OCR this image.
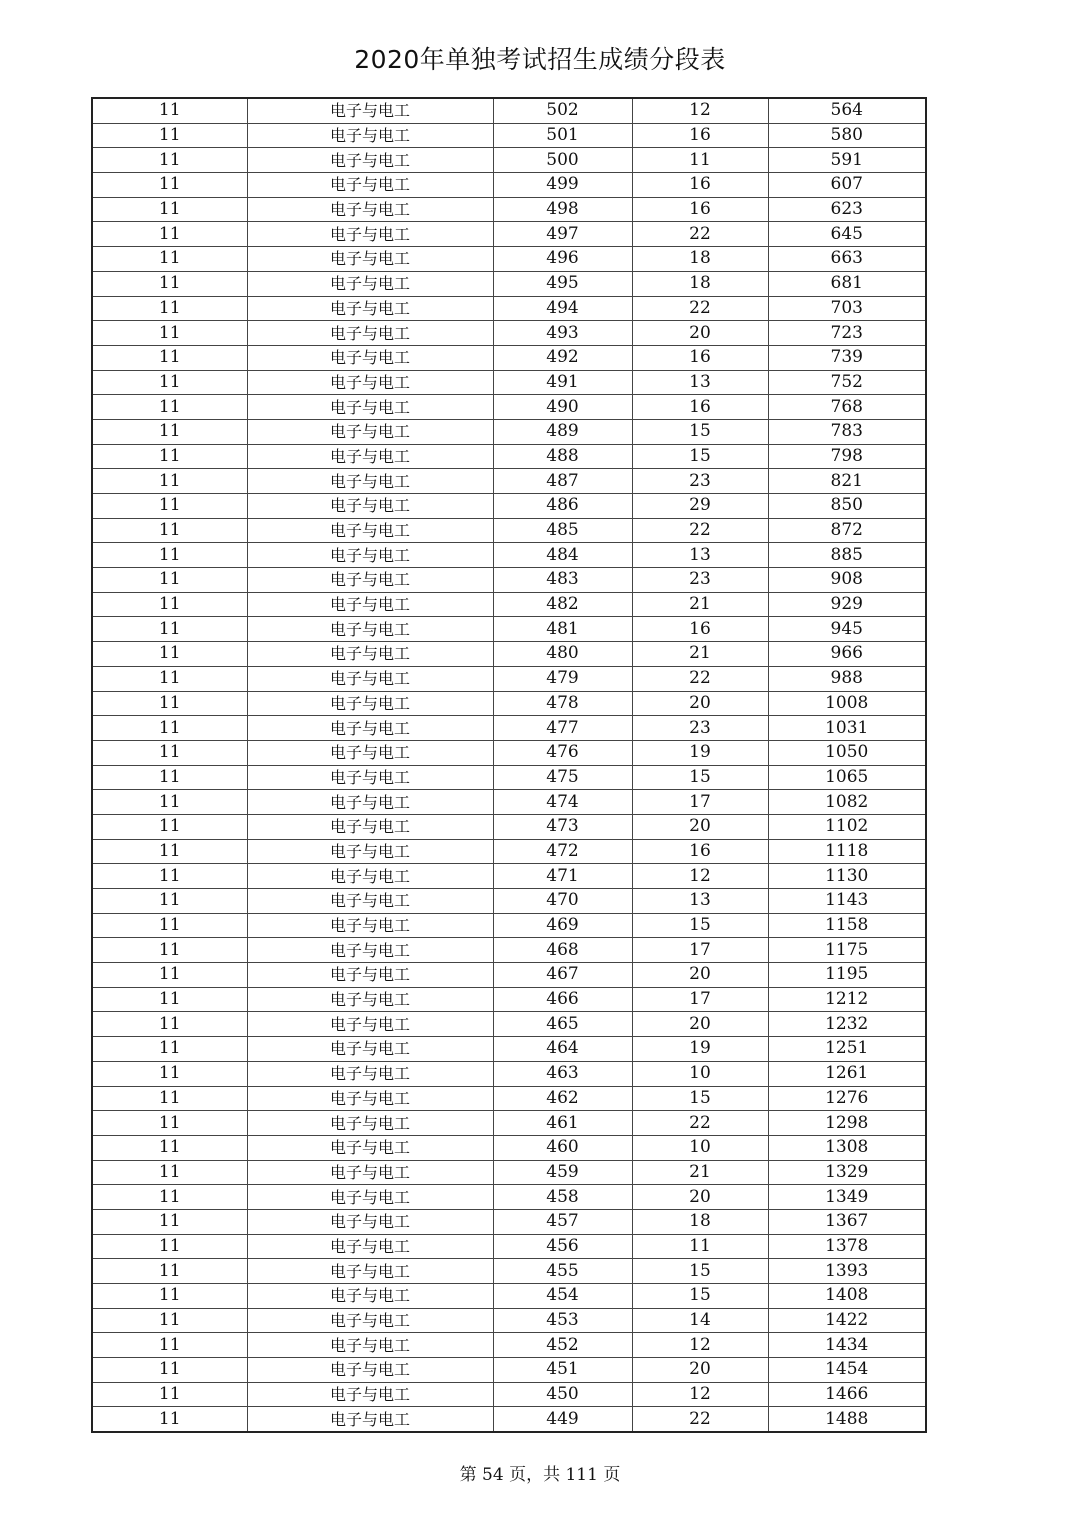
2020年单独考试招生成绩分段表
11	电子与电工	502	12	564
11	电子与电工	501	16	580
11	电子与电工	500	11	591
11	电子与电工	499	16	607
11	电子与电工	498	16	623
11	电子与电工	497	22	645
11	电子与电工	496	18	663
11	电子与电工	495	18	681
11	电子与电工	494	22	703
11	电子与电工	493	20	723
11	电子与电工	492	16	739
11	电子与电工	491	13	752
11	电子与电工	490	16	768
11	电子与电工	489	15	783
11	电子与电工	488	15	798
11	电子与电工	487	23	821
11	电子与电工	486	29	850
11	电子与电工	485	22	872
11	电子与电工	484	13	885
11	电子与电工	483	23	908
11	电子与电工	482	21	929
11	电子与电工	481	16	945
11	电子与电工	480	21	966
11	电子与电工	479	22	988
11	电子与电工	478	20	1008
11	电子与电工	477	23	1031
11	电子与电工	476	19	1050
11	电子与电工	475	15	1065
11	电子与电工	474	17	1082
11	电子与电工	473	20	1102
11	电子与电工	472	16	1118
11	电子与电工	471	12	1130
11	电子与电工	470	13	1143
11	电子与电工	469	15	1158
11	电子与电工	468	17	1175
11	电子与电工	467	20	1195
11	电子与电工	466	17	1212
11	电子与电工	465	20	1232
11	电子与电工	464	19	1251
11	电子与电工	463	10	1261
11	电子与电工	462	15	1276
11	电子与电工	461	22	1298
11	电子与电工	460	10	1308
11	电子与电工	459	21	1329
11	电子与电工	458	20	1349
11	电子与电工	457	18	1367
11	电子与电工	456	11	1378
11	电子与电工	455	15	1393
11	电子与电工	454	15	1408
11	电子与电工	453	14	1422
11	电子与电工	452	12	1434
11	电子与电工	451	20	1454
11	电子与电工	450	12	1466
11	电子与电工	449	22	1488
第 54 页，共 111 页
